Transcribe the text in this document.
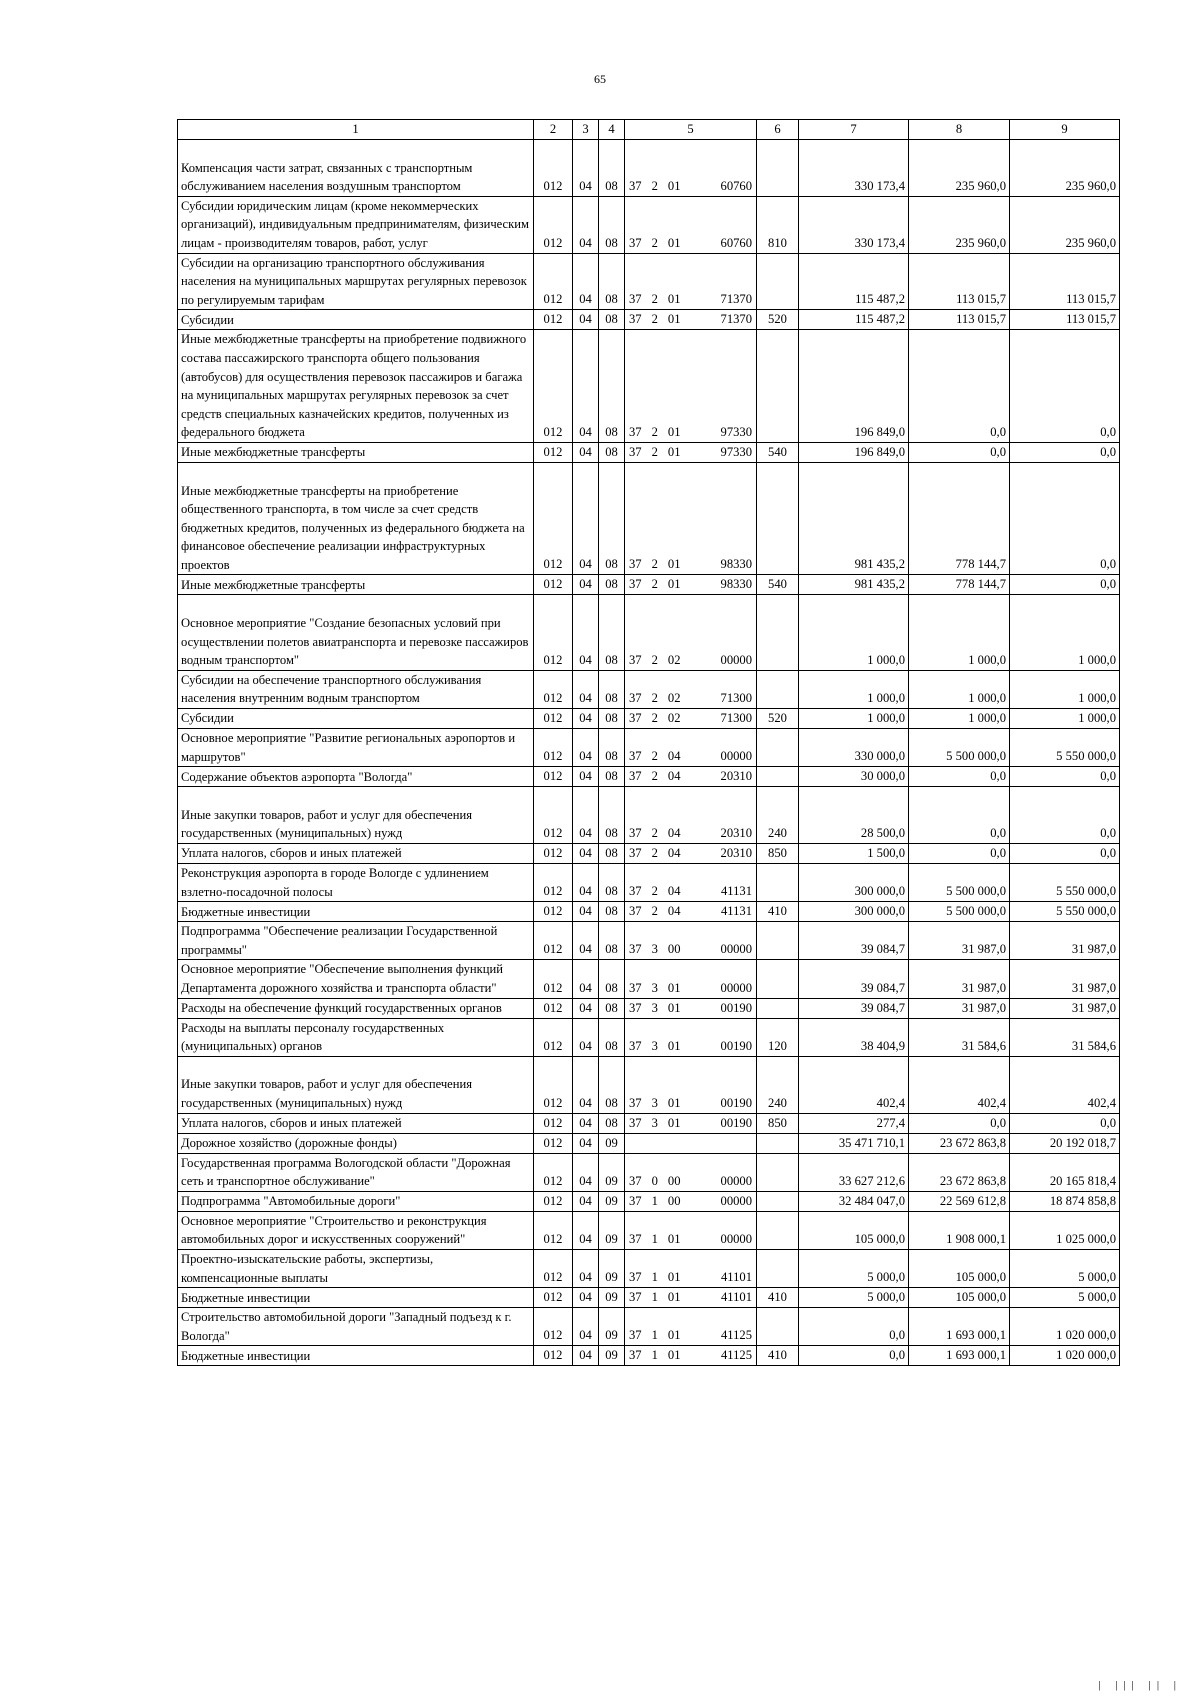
65
1	2	3	4	5	6	7	8	9

Компенсация части затрат, связанных с транспортным обслуживанием населения воздушным транспортом	012	04	08	37 2 01 60760		330 173,4	235 960,0	235 960,0
Субсидии юридическим лицам (кроме некоммерческих организаций), индивидуальным предпринимателям, физическим лицам - производителям товаров, работ, услуг	012	04	08	37 2 01 60760	810	330 173,4	235 960,0	235 960,0
Субсидии на организацию транспортного обслуживания населения на муниципальных маршрутах регулярных перевозок по регулируемым тарифам	012	04	08	37 2 01 71370		115 487,2	113 015,7	113 015,7
Субсидии	012	04	08	37 2 01 71370	520	115 487,2	113 015,7	113 015,7
Иные межбюджетные трансферты на приобретение подвижного состава пассажирского транспорта общего пользования (автобусов) для осуществления перевозок пассажиров и багажа на муниципальных маршрутах регулярных перевозок за счет средств специальных казначейских кредитов, полученных из федерального бюджета	012	04	08	37 2 01 97330		196 849,0	0,0	0,0
Иные межбюджетные трансферты	012	04	08	37 2 01 97330	540	196 849,0	0,0	0,0

Иные межбюджетные трансферты на приобретение общественного транспорта, в том числе за счет средств бюджетных кредитов, полученных из федерального бюджета на финансовое обеспечение реализации инфраструктурных проектов	012	04	08	37 2 01 98330		981 435,2	778 144,7	0,0
Иные межбюджетные трансферты	012	04	08	37 2 01 98330	540	981 435,2	778 144,7	0,0

Основное мероприятие "Создание безопасных условий при осуществлении полетов авиатранспорта и перевозке пассажиров водным транспортом"	012	04	08	37 2 02 00000		1 000,0	1 000,0	1 000,0
Субсидии на обеспечение транспортного обслуживания населения внутренним водным транспортом	012	04	08	37 2 02 71300		1 000,0	1 000,0	1 000,0
Субсидии	012	04	08	37 2 02 71300	520	1 000,0	1 000,0	1 000,0
Основное мероприятие "Развитие региональных аэропортов и маршрутов"	012	04	08	37 2 04 00000		330 000,0	5 500 000,0	5 550 000,0
Содержание объектов аэропорта "Вологда"	012	04	08	37 2 04 20310		30 000,0	0,0	0,0

Иные закупки товаров, работ и услуг для обеспечения государственных (муниципальных) нужд	012	04	08	37 2 04 20310	240	28 500,0	0,0	0,0
Уплата налогов, сборов и иных платежей	012	04	08	37 2 04 20310	850	1 500,0	0,0	0,0
Реконструкция аэропорта в городе Вологде с удлинением взлетно-посадочной полосы	012	04	08	37 2 04 41131		300 000,0	5 500 000,0	5 550 000,0
Бюджетные инвестиции	012	04	08	37 2 04 41131	410	300 000,0	5 500 000,0	5 550 000,0
Подпрограмма "Обеспечение реализации Государственной программы"	012	04	08	37 3 00 00000		39 084,7	31 987,0	31 987,0
Основное мероприятие "Обеспечение выполнения функций Департамента дорожного хозяйства и транспорта области"	012	04	08	37 3 01 00000		39 084,7	31 987,0	31 987,0
Расходы на обеспечение функций государственных органов	012	04	08	37 3 01 00190		39 084,7	31 987,0	31 987,0
Расходы на выплаты персоналу государственных (муниципальных) органов	012	04	08	37 3 01 00190	120	38 404,9	31 584,6	31 584,6

Иные закупки товаров, работ и услуг для обеспечения государственных (муниципальных) нужд	012	04	08	37 3 01 00190	240	402,4	402,4	402,4
Уплата налогов, сборов и иных платежей	012	04	08	37 3 01 00190	850	277,4	0,0	0,0
Дорожное хозяйство (дорожные фонды)	012	04	09			35 471 710,1	23 672 863,8	20 192 018,7
Государственная программа Вологодской области "Дорожная сеть и транспортное обслуживание"	012	04	09	37 0 00 00000		33 627 212,6	23 672 863,8	20 165 818,4
Подпрограмма "Автомобильные дороги"	012	04	09	37 1 00 00000		32 484 047,0	22 569 612,8	18 874 858,8
Основное мероприятие "Строительство и реконструкция автомобильных дорог и искусственных сооружений"	012	04	09	37 1 01 00000		105 000,0	1 908 000,1	1 025 000,0
Проектно-изыскательские работы, экспертизы, компенсационные выплаты	012	04	09	37 1 01 41101		5 000,0	105 000,0	5 000,0
Бюджетные инвестиции	012	04	09	37 1 01 41101	410	5 000,0	105 000,0	5 000,0
Строительство автомобильной дороги "Западный подъезд к г. Вологда"	012	04	09	37 1 01 41125		0,0	1 693 000,1	1 020 000,0
Бюджетные инвестиции	012	04	09	37 1 01 41125	410	0,0	1 693 000,1	1 020 000,0
| ||| || |
